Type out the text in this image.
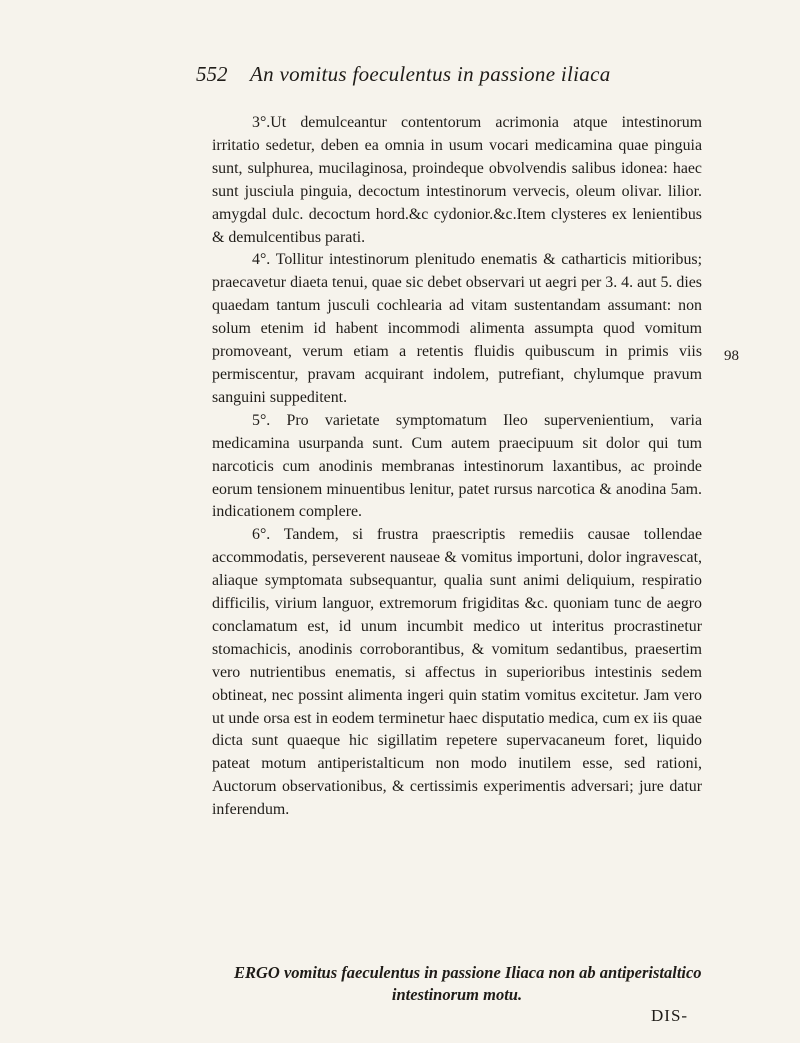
552 An vomitus foeculentus in passione iliaca

3°.Ut demulceantur contentorum acrimonia atque intestinorum irritatio sedetur, deben ea omnia in usum vocari medicamina quae pinguia sunt, sulphurea, mucilaginosa, proindeque obvolvendis salibus idonea: haec sunt jusciula pinguia, decoctum intestinorum vervecis, oleum olivar. lilior. amygdal dulc. decoctum hord.&c cydonior.&c.Item clysteres ex lenientibus & demulcentibus parati.

4°. Tollitur intestinorum plenitudo enematis & catharticis mitioribus; praecavetur diaeta tenui, quae sic debet observari ut aegri per 3. 4. aut 5. dies quaedam tantum jusculi cochlearia ad vitam sustentandam assumant: non solum etenim id habent incommodi alimenta assumpta quod vomitum promoveant, verum etiam a retentis fluidis quibuscum in primis viis permiscentur, pravam acquirant indolem, putrefiant, chylumque pravum sanguini suppeditent.

5°. Pro varietate symptomatum Ileo supervenientium, varia medicamina usurpanda sunt. Cum autem praecipuum sit dolor qui tum narcoticis cum anodinis membranas intestinorum laxantibus, ac proinde eorum tensionem minuentibus lenitur, patet rursus narcotica & anodina 5am. indicationem complere.

6°. Tandem, si frustra praescriptis remediis causae tollendae accommodatis, perseverent nauseae & vomitus importuni, dolor ingravescat, aliaque symptomata subsequantur, qualia sunt animi deliquium, respiratio difficilis, virium languor, extremorum frigiditas &c. quoniam tunc de aegro conclamatum est, id unum incumbit medico ut interitus procrastinetur stomachicis, anodinis corroborantibus, & vomitum sedantibus, praesertim vero nutrientibus enematis, si affectus in superioribus intestinis sedem obtineat, nec possint alimenta ingeri quin statim vomitus excitetur. Jam vero ut unde orsa est in eodem terminetur haec disputatio medica, cum ex iis quae dicta sunt quaeque hic sigillatim repetere supervacaneum foret, liquido pateat motum antiperistalticum non modo inutilem esse, sed rationi, Auctorum observationibus, & certissimis experimentis adversari; jure datur inferendum.

98
ERGO vomitus faeculentus in passione Iliaca non ab antiperistaltico
intestinorum motu.
DIS-
